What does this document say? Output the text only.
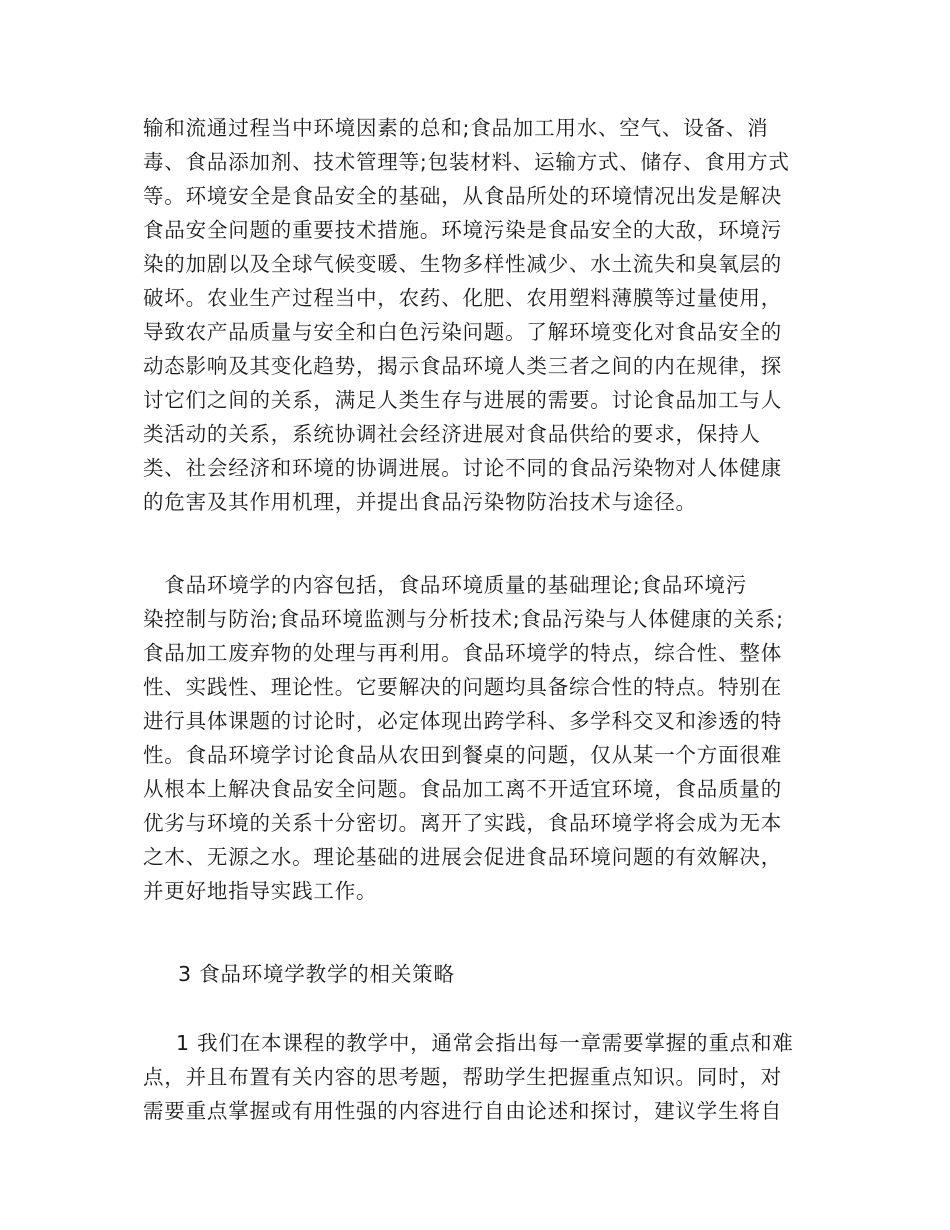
输和流通过程当中环境因素的总和;食品加工用水、空气、设备、消
毒、食品添加剂、技术管理等;包装材料、运输方式、储存、食用方式
等。环境安全是食品安全的基础，从食品所处的环境情况出发是解决
食品安全问题的重要技术措施。环境污染是食品安全的大敌，环境污
染的加剧以及全球气候变暖、生物多样性减少、水土流失和臭氧层的
破坏。农业生产过程当中，农药、化肥、农用塑料薄膜等过量使用，
导致农产品质量与安全和白色污染问题。了解环境变化对食品安全的
动态影响及其变化趋势，揭示食品环境人类三者之间的内在规律，探
讨它们之间的关系，满足人类生存与进展的需要。讨论食品加工与人
类活动的关系，系统协调社会经济进展对食品供给的要求，保持人
类、社会经济和环境的协调进展。讨论不同的食品污染物对人体健康
的危害及其作用机理，并提出食品污染物防治技术与途径。
　食品环境学的内容包括，食品环境质量的基础理论;食品环境污
染控制与防治;食品环境监测与分析技术;食品污染与人体健康的关系;
食品加工废弃物的处理与再利用。食品环境学的特点，综合性、整体
性、实践性、理论性。它要解决的问题均具备综合性的特点。特别在
进行具体课题的讨论时，必定体现出跨学科、多学科交叉和渗透的特
性。食品环境学讨论食品从农田到餐桌的问题，仅从某一个方面很难
从根本上解决食品安全问题。食品加工离不开适宜环境，食品质量的
优劣与环境的关系十分密切。离开了实践，食品环境学将会成为无本
之木、无源之水。理论基础的进展会促进食品环境问题的有效解决，
并更好地指导实践工作。
3 食品环境学教学的相关策略
1 我们在本课程的教学中，通常会指出每一章需要掌握的重点和难
点，并且布置有关内容的思考题，帮助学生把握重点知识。同时，对
需要重点掌握或有用性强的内容进行自由论述和探讨，建议学生将自
